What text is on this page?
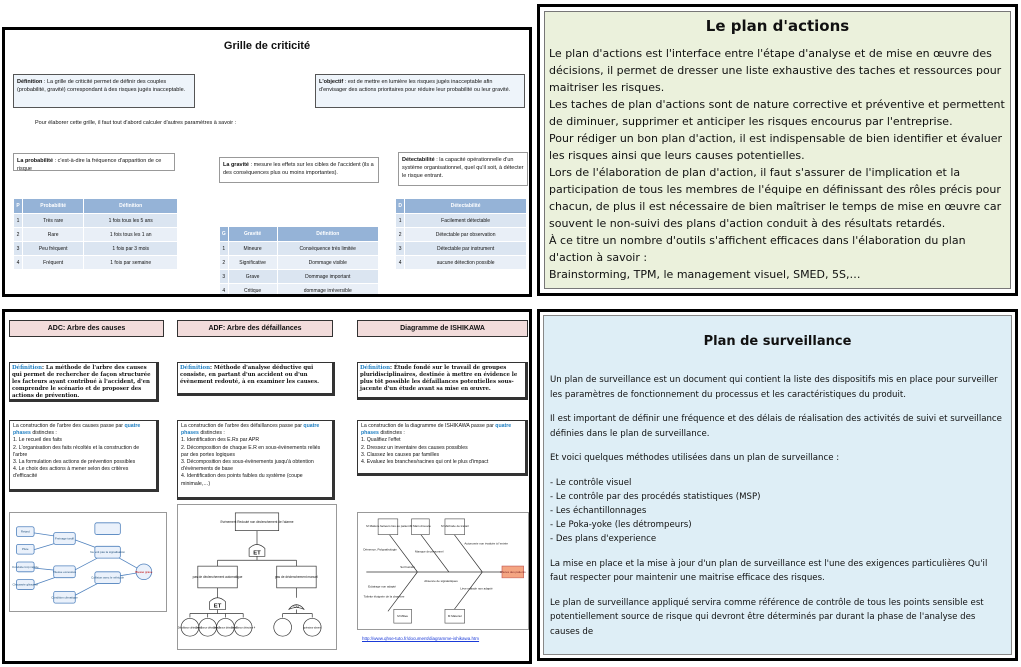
Grille de criticité
Définition : La grille de criticité permet de définir des couples (probabilité, gravité) correspondant à des risques jugés inacceptable.
L'objectif : est de mettre en lumière les risques jugés inacceptable afin d'envisager des actions prioritaires pour réduire leur probabilité ou leur gravité.
Pour élaborer cette grille, il faut tout d'abord calculer d'autres paramètres à savoir :
La probabilité : c'est-à-dire la fréquence d'apparition de ce risque
La gravité : mesure les effets sur les cibles de l'accident (ils a des conséquences plus ou moins importantes).
Détectabilité : la capacité opérationnelle d'un système organisationnel, quel qu'il soit, à détecter le risque entrant.
P	Probabilité	Définition
1	Très rare	1 fois tous les 5 ans
2	Rare	1 fois tous les 1 an
3	Peu fréquent	1 fois par 3 mois
4	Fréquent	1 fois par semaine
G	Gravité	Définition
1	Mineure	Conséquence très limitée
2	Significative	Dommage visible
3	Grave	Dommage important
4	Critique	dommage irréversible
D	Détectabilité
1	Facilement détectable
2	Détectable par observation
3	Détectable par instrument
4	aucune détection possible
Le plan d'actions

Le plan d'actions est l'interface entre l'étape d'analyse et de mise en œuvre des décisions, il permet de dresser une liste exhaustive des taches et ressources pour maitriser les risques.

Les taches de plan d'actions sont de nature corrective et préventive et permettent de diminuer, supprimer et anticiper les risques encourus par l'entreprise.

Pour rédiger un bon plan d'action, il est indispensable de bien identifier et évaluer les risques ainsi que leurs causes potentielles.

Lors de l'élaboration de plan d'action, il faut s'assurer de l'implication et la participation de tous les membres de l'équipe en définissant des rôles précis pour chacun, de plus il est nécessaire de bien maîtriser le temps de mise en œuvre car souvent le non-suivi des plans d'action conduit à des résultats retardés.

À ce titre un nombre d'outils s'affichent efficaces dans l'élaboration du plan d'action à savoir :

Brainstorming, TPM, le management visuel, SMED, 5S,…

ADC: Arbre des causes	ADF: Arbre des défaillances	Diagramme de ISHIKAWA
Définition: La méthode de l'arbre des causes qui permet de rechercher de façon structurée les facteurs ayant contribué à l'accident, d'en comprendre le scénario et de proposer des actions de prévention.
Définition: Méthode d'analyse déductive qui consiste, en partant d'un accident ou d'un évènement redouté, à en examiner les causes.
Définition: Étude fondé sur le travail de groupes pluridisciplinaires, destinée à mettre en évidence le plus tôt possible les défaillances potentielles sous-jacente d'un étude avant sa mise en œuvre.
La construction de l'arbre des causes passe par quatre phases distinctes :
1. Le recueil des faits
2. L'organisation des faits récoltés et la construction de l'arbre
3. La formulation des actions de prévention possibles
4. Le choix des actions à mener selon des critères d'efficacité
La construction de l'arbre des défaillances passe par quatre phases distinctes :
1. Identification des E.Rs par APR
2. Décomposition de chaque E.R en sous-évènements reliés par des portes logiques
3. Décomposition des sous-évènements jusqu'à obtention d'évènements de base
4. Identification des points faibles du système (coupe minimale,…)
La construction de la diagramme de ISHIKAWA passe par quatre phases distinctes :
1. Qualifiez l'effet
2. Dressez un inventaire des causes possibles
3. Classez les causes par familles
4. Evaluez les branches/racines qui ont le plus d'impact
Retard
Pluie
Conduite trop rapide
Chaussée glissante
Freinage tardif
Vitesse excessive
Ne voit pas la signalisation
Collision avec le véhicule
Condition climatique
Blessé grave
Evénement Redouté non déclenchement de l'alarme
ET
pas de déclenchement automatique	pas de déclenchement manuel
ET	OU
Défaillance détecteur 1
Défaillance détecteur 2
Défaillance détecteur 3
Défaillance détecteur 4	opérateur absent
M Matière facteurs liés au patient M Main d'œuvre	M Méthode de travail
Démence, Polypathologie	Manque de personnel
Autonomie non évaluée à l'entrée
Sol humide
Absence de signalétiques
Eclairage non adapté
Toilette éloignée de la chambre
Lève malade non adapté
M Milieu	M Matériel
Chutes des patients
http://www.qhse-tuto.fr/document/diagramme-ishikawa.htm
Plan de surveillance

Un plan de surveillance est un document qui contient la liste des dispositifs mis en place pour surveiller les paramètres de fonctionnement du processus et les caractéristiques du produit.

Il est important de définir une fréquence et des délais de réalisation des activités de suivi et surveillance définies dans le plan de surveillance.

Et voici quelques méthodes utilisées dans un plan de surveillance :

- Le contrôle visuel
- Le contrôle par des procédés statistiques (MSP)
- Les échantillonnages
- Le Poka-yoke (les détrompeurs)
- Des plans d'experience

La mise en place et la mise à jour d'un plan de surveillance est l'une des exigences particulières Qu'il faut respecter pour maintenir une maitrise efficace des risques.

Le plan de surveillance appliqué servira comme référence de contrôle de tous les points sensible est potentiellement source de risque qui devront être déterminés par durant la phase de l'analyse des causes de
